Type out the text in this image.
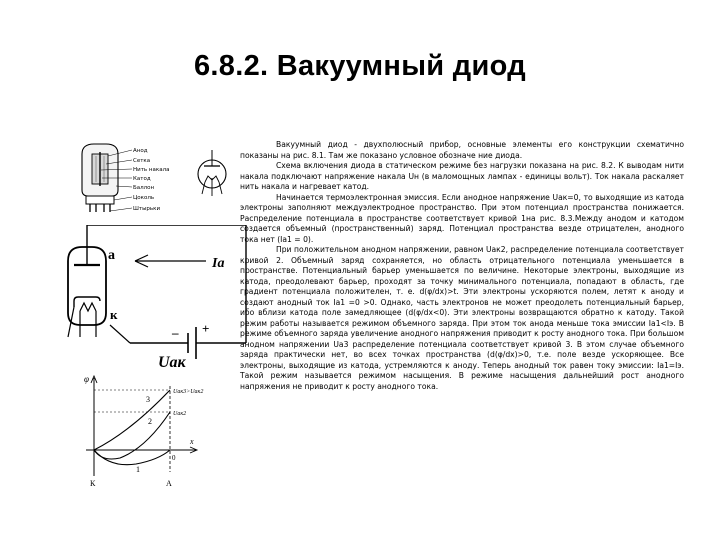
6.8.2. Вакуумный диод
Анод
Сетка
Нить накала
Катод
Баллон
Цоколь
Штырьки
a
Ia
к
– +
Uак
φ
x
3
2
1
Uак3>Uак2
Uак2
0
К	А

Вакуумный диод - двухполюсный прибор, основные элементы его конструкции схематично показаны на рис. 8.1. Там же показано условное обозначе ние диода.

Схема включения диода в статическом режиме без нагрузки показана на рис. 8.2. К выводам нити накала подключают напряжение накала Uн (в маломощных лампах - единицы вольт). Ток накала раскаляет нить накала и нагревает катод.

Начинается термоэлектронная эмиссия. Если анодное напряжение Uак=0, то выходящие из катода электроны заполняют междуэлектродное пространство. При этом потенциал пространства понижается. Распределение потенциала в пространстве соответствует кривой 1на рис. 8.3.Между анодом и катодом создается объемный (пространственный) заряд. Потенциал пространства везде отрицателен, анодного тока нет (Iа1 = 0).

При положительном анодном напряжении, равном Uак2, распределение потенциала соответствует кривой 2. Объемный заряд сохраняется, но область отрицательного потенциала уменьшается в пространстве. Потенциальный барьер уменьшается по величине. Некоторые электроны, выходящие из катода, преодолевают барьер, проходят за точку минимального потенциала, попадают в область, где градиент потенциала положителен, т. е. d(φ/dx)>t. Эти электроны ускоряются полем, летят к аноду и создают анодный ток Iа1 =0 >0. Однако, часть электронов не может преодолеть потенциальный барьер, ибо вблизи катода поле замедляющее (d(φ/dx<0). Эти электроны возвращаются обратно к катоду. Такой режим работы называется режимом объемного заряда. При этом ток анода меньше тока эмиссии Iа1<Iэ. В режиме объемного заряда увеличение анодного напряжения приводит к росту анодного тока. При большом анодном напряжении Uа3 распределение потенциала соответствует кривой 3. В этом случае объемного заряда практически нет, во всех точках пространства (d(φ/dx)>0, т.е. поле везде ускоряющее. Все электроны, выходящие из катода, устремляются к аноду. Теперь анодный ток равен току эмиссии: Iа1=Iэ. Такой режим называется режимом насыщения. В режиме насыщения дальнейший рост анодного напряжения не приводит к росту анодного тока.
